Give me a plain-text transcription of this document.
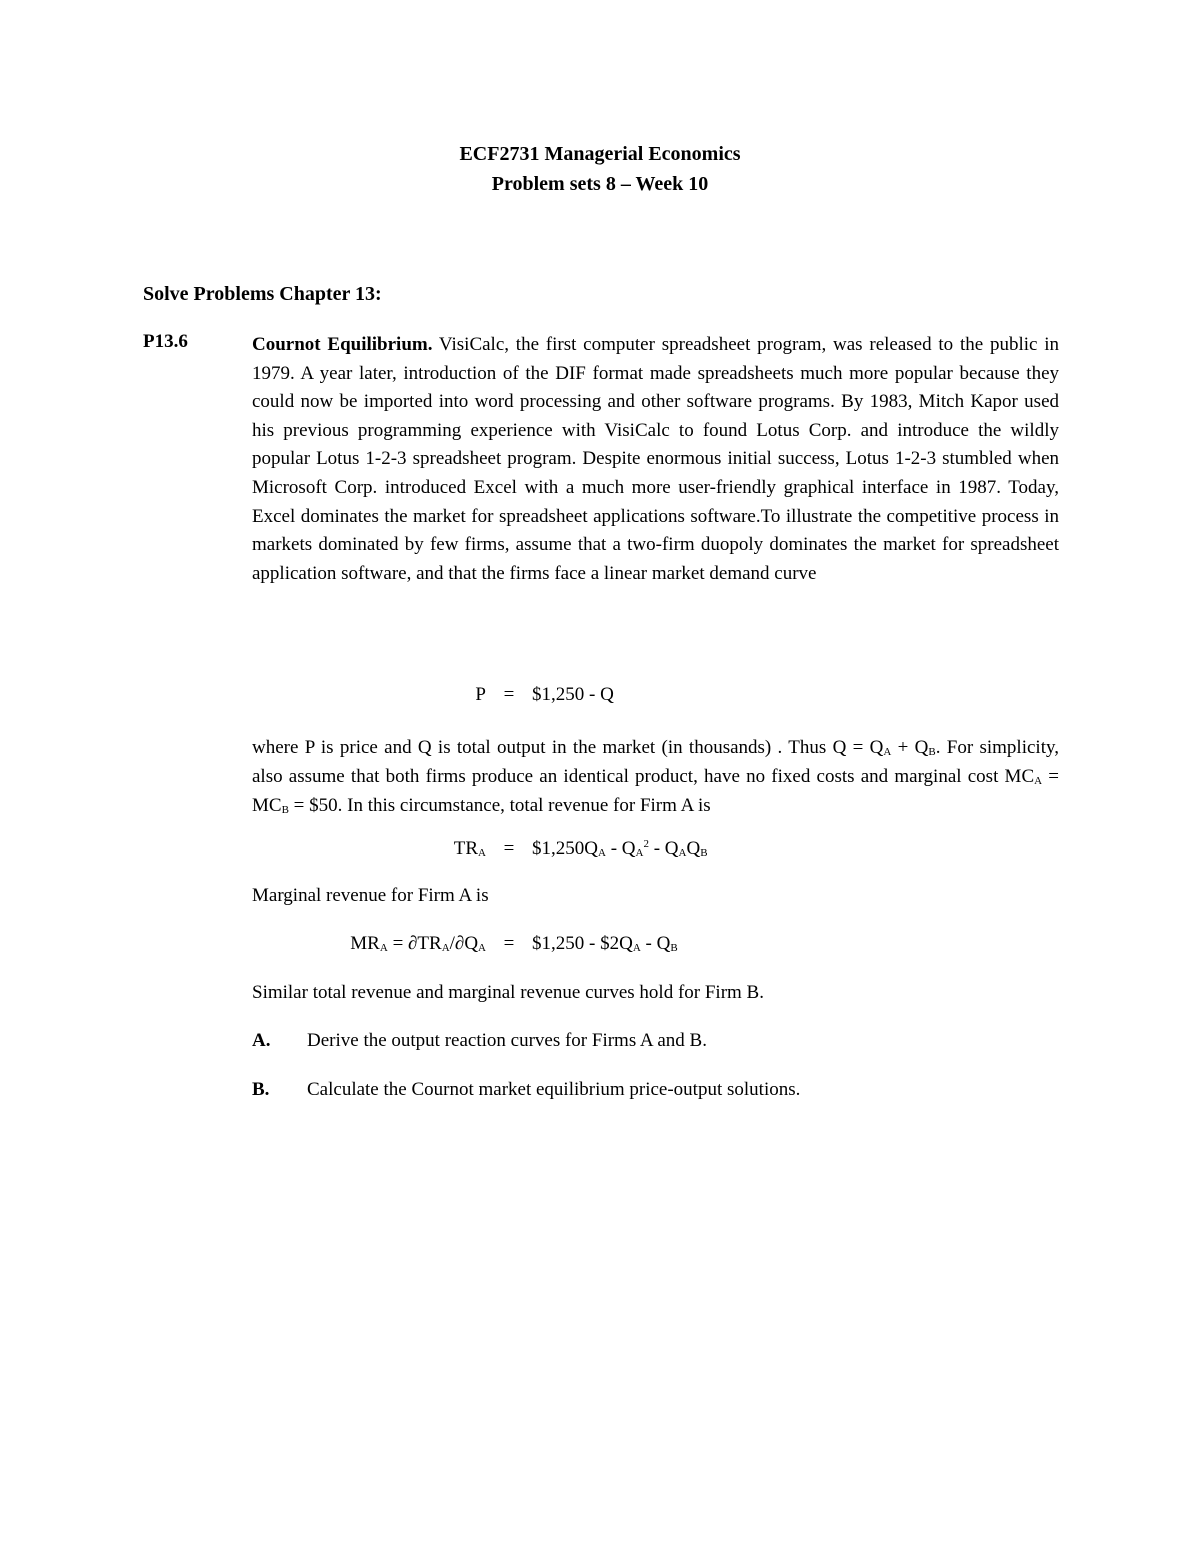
ECF2731 Managerial Economics
Problem sets 8 – Week 10
Solve Problems Chapter 13:
P13.6	Cournot Equilibrium. VisiCalc, the first computer spreadsheet program, was released to the public in 1979. A year later, introduction of the DIF format made spreadsheets much more popular because they could now be imported into word processing and other software programs. By 1983, Mitch Kapor used his previous programming experience with VisiCalc to found Lotus Corp. and introduce the wildly popular Lotus 1-2-3 spreadsheet program. Despite enormous initial success, Lotus 1-2-3 stumbled when Microsoft Corp. introduced Excel with a much more user-friendly graphical interface in 1987. Today, Excel dominates the market for spreadsheet applications software.To illustrate the competitive process in markets dominated by few firms, assume that a two-firm duopoly dominates the market for spreadsheet application software, and that the firms face a linear market demand curve
P = $1,250 - Q
where P is price and Q is total output in the market (in thousands) . Thus $Q = Q_A + Q_B$. For simplicity, also assume that both firms produce an identical product, have no fixed costs and marginal cost $MC_A = MC_B$ = $50. In this circumstance, total revenue for Firm A is
$TR_A$ = $\$1,250Q_A - Q_A^2 - Q_AQ_B$
Marginal revenue for Firm A is
$MR_A = \partial TR_A/\partial Q_A$ = $1,250 - $\$2Q_A - Q_B$
Similar total revenue and marginal revenue curves hold for Firm B.
A. Derive the output reaction curves for Firms A and B.
B. Calculate the Cournot market equilibrium price-output solutions.
